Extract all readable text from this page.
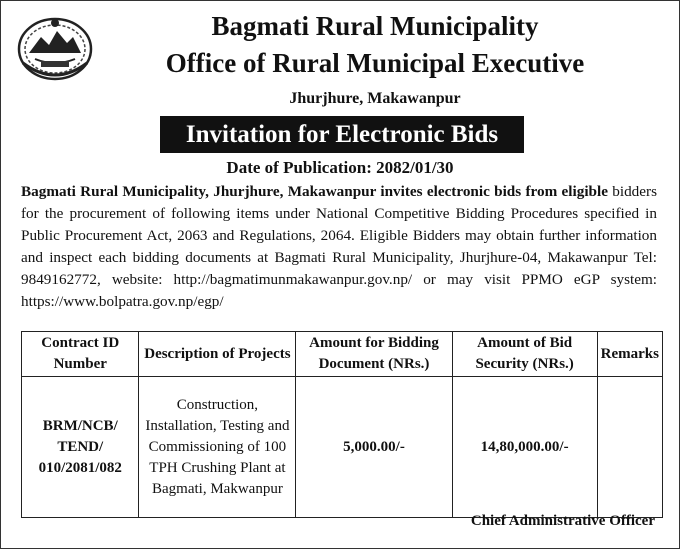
Bagmati Rural Municipality
Office of Rural Municipal Executive
Jhurjhure, Makawanpur
Invitation for Electronic Bids
Date of Publication: 2082/01/30
Bagmati Rural Municipality, Jhurjhure, Makawanpur invites electronic bids from eligible bidders for the procurement of following items under National Competitive Bidding Procedures specified in Public Procurement Act, 2063 and Regulations, 2064. Eligible Bidders may obtain further information and inspect each bidding documents at Bagmati Rural Municipality, Jhurjhure-04, Makawanpur Tel: 9849162772, website: http://bagmatimunmakawanpur.gov.np/ or may visit PPMO eGP system: https://www.bolpatra.gov.np/egp/
Contract ID Number	Description of Projects	Amount for Bidding Document (NRs.)	Amount of Bid Security (NRs.)	Remarks
BRM/NCB/ TEND/ 010/2081/082	Construction, Installation, Testing and Commissioning of 100 TPH Crushing Plant at Bagmati, Makwanpur	5,000.00/-	14,80,000.00/-	
Chief Administrative Officer
